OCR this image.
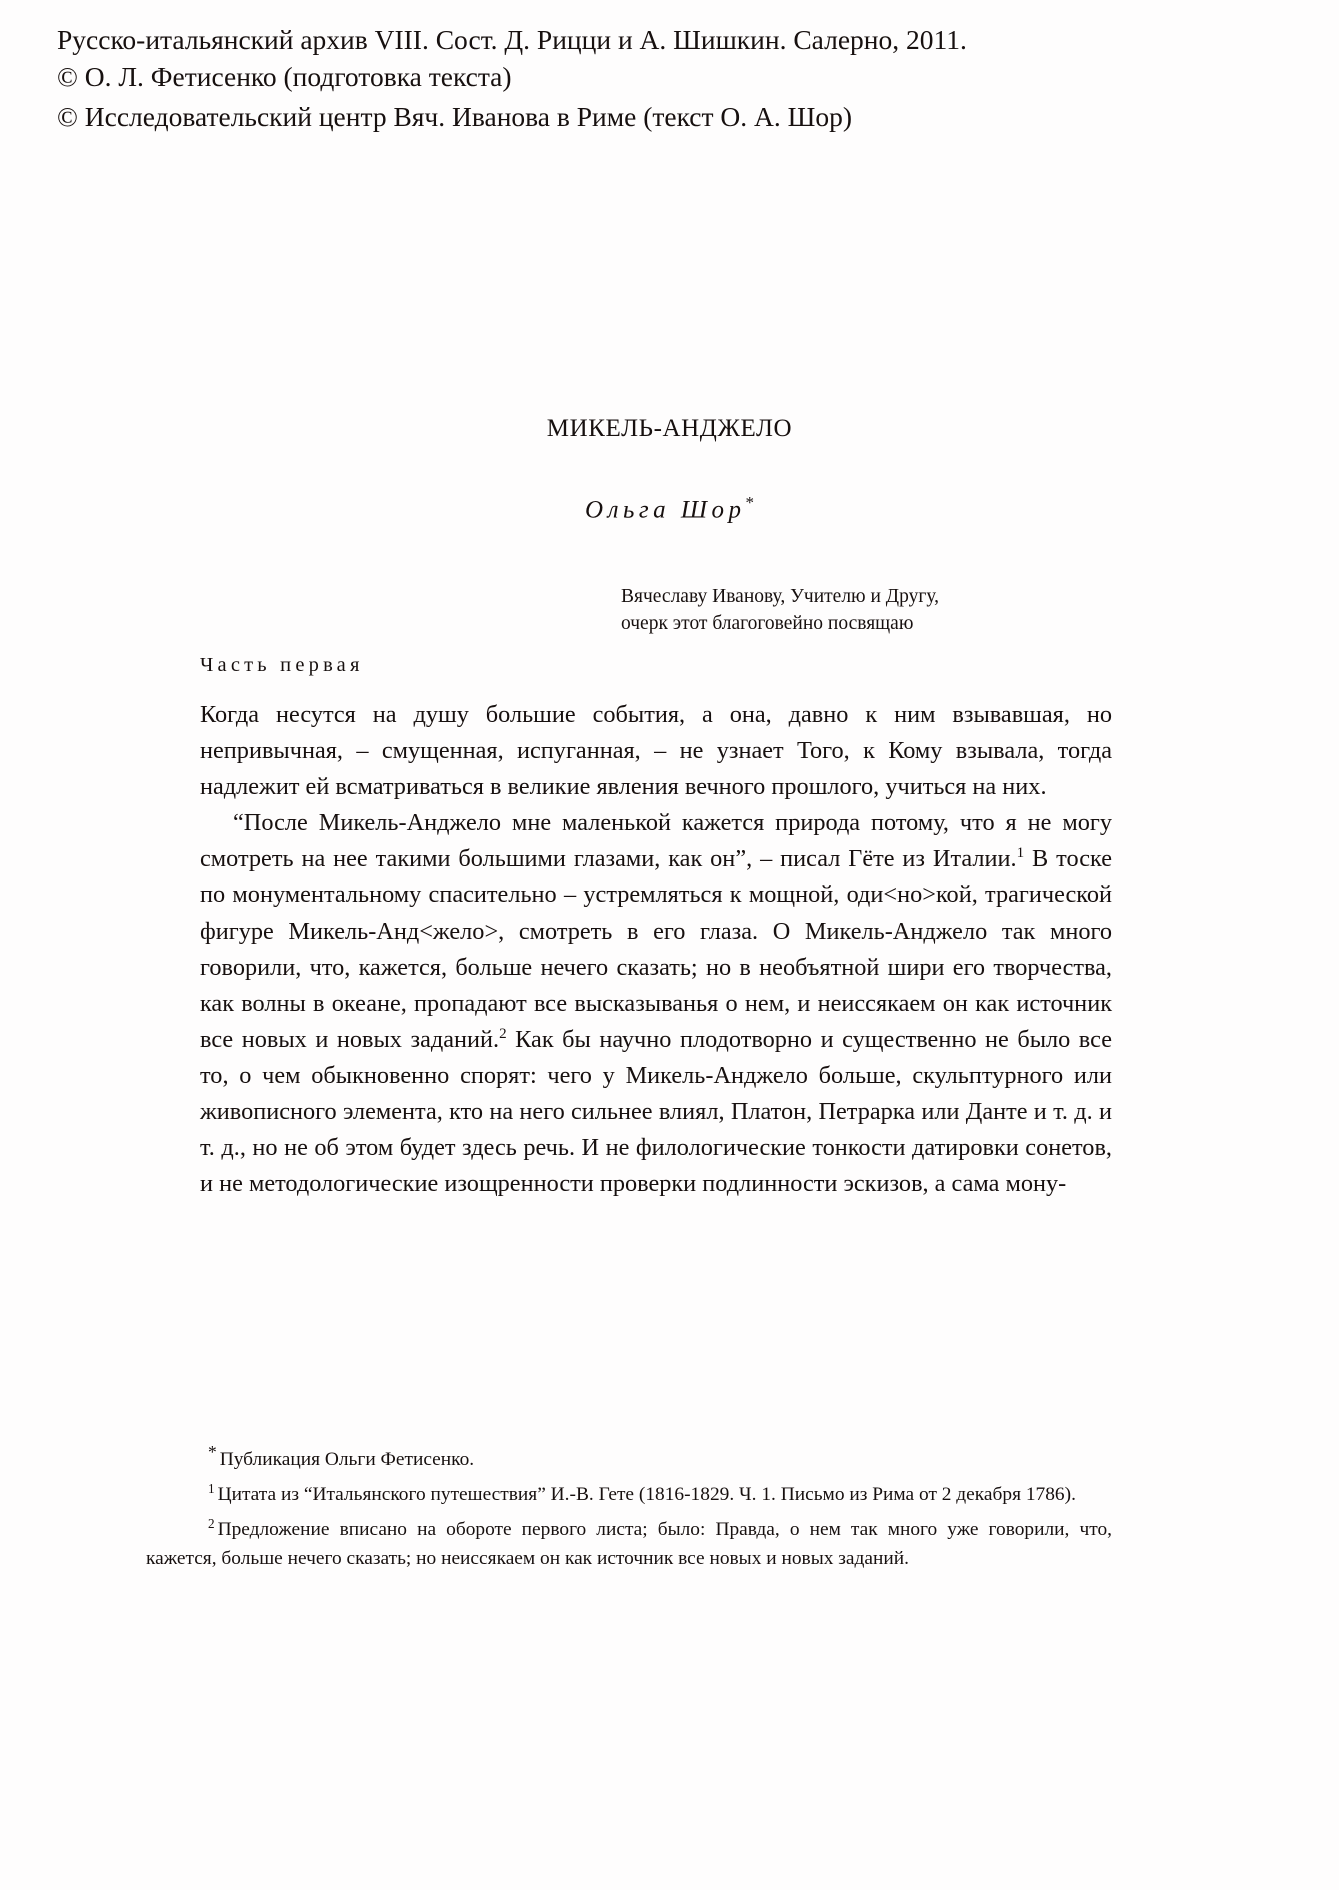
Русско-итальянский архив VIII. Сост. Д. Рицци и А. Шишкин. Салерно, 2011.
© О. Л. Фетисенко (подготовка текста)
© Исследовательский центр Вяч. Иванова в Риме (текст О. А. Шор)
МИКЕЛЬ-АНДЖЕЛО
Ольга Шор*
Вячеславу Иванову, Учителю и Другу,
очерк этот благоговейно посвящаю
Часть первая

Когда несутся на душу большие события, а она, давно к ним взывавшая, но непривычная, – смущенная, испуганная, – не узнает Того, к Кому взывала, тогда надлежит ей всматриваться в великие явления вечного прошлого, учиться на них.

“После Микель-Анджело мне маленькой кажется природа потому, что я не могу смотреть на нее такими большими глазами, как он”, – писал Гёте из Италии.$^1$ В тоске по монументальному спасительно – устремляться к мощной, оди<но>кой, трагической фигуре Микель-Анд<жело>, смотреть в его глаза. О Микель-Анджело так много говорили, что, кажется, больше нечего сказать; но в необъятной шири его творчества, как волны в океане, пропадают все высказыванья о нем, и неиссякаем он как источник все новых и новых заданий.$^2$ Как бы научно плодотворно и существенно не было все то, о чем обыкновенно спорят: чего у Микель-Анджело больше, скульптурного или живописного элемента, кто на него сильнее влиял, Платон, Петрарка или Данте и т. д. и т. д., но не об этом будет здесь речь. И не филологические тонкости датировки сонетов, и не методологические изощренности проверки подлинности эскизов, а сама мону-

* Публикация Ольги Фетисенко.

$^1$ Цитата из “Итальянского путешествия” И.-В. Гете (1816-1829. Ч. 1. Письмо из Рима от 2 декабря 1786).

$^2$ Предложение вписано на обороте первого листа; было: Правда, о нем так много уже говорили, что, кажется, больше нечего сказать; но неиссякаем он как источник все новых и новых заданий.
